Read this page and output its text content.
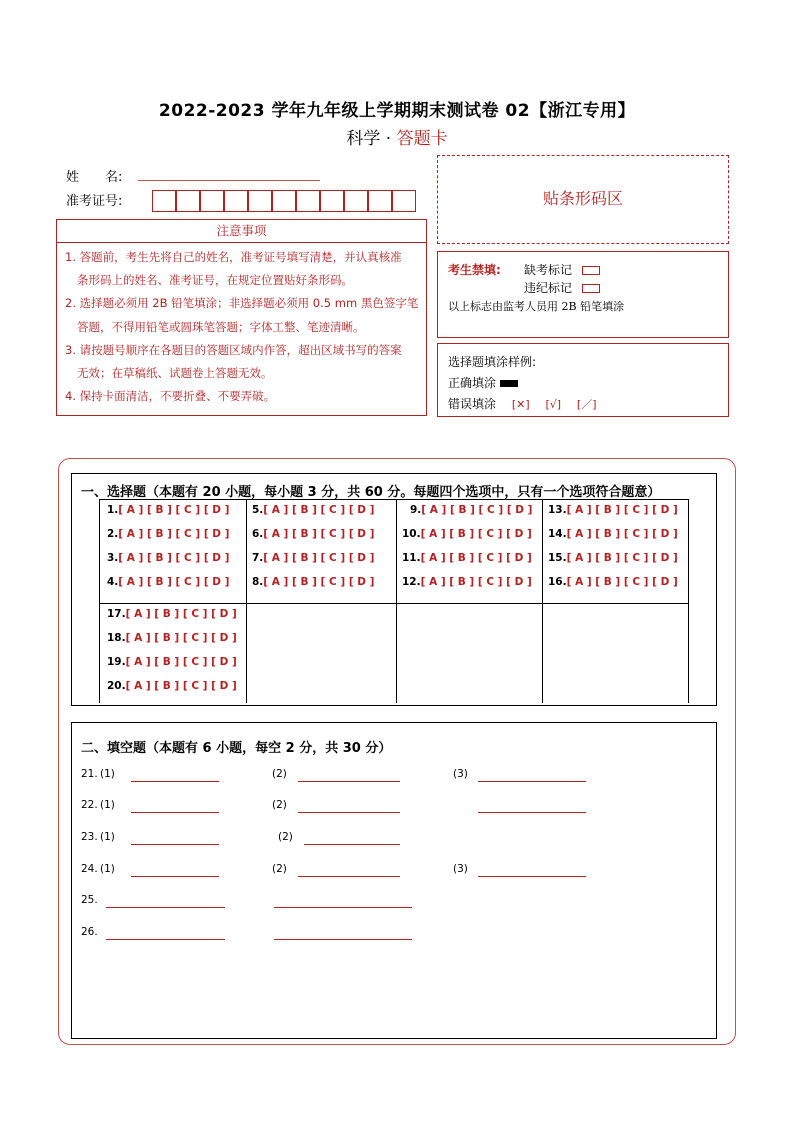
2022-2023 学年九年级上学期期末测试卷 02【浙江专用】
科学 · 答题卡
姓　　名:
准考证号:	贴条形码区
注意事项

1. 答题前，考生先将自己的姓名，准考证号填写清楚，并认真核准

条形码上的姓名、准考证号，在规定位置贴好条形码。

2. 选择题必须用 2B 铅笔填涂；非选择题必须用 0.5 mm 黑色签字笔

答题，不得用铅笔或圆珠笔答题；字体工整、笔迹清晰。

3. 请按题号顺序在各题目的答题区域内作答，超出区域书写的答案

无效；在草稿纸、试题卷上答题无效。

4. 保持卡面清洁，不要折叠、不要弄破。

考生禁填: 缺考标记
违纪标记
以上标志由监考人员用 2B 铅笔填涂
选择题填涂样例:
正确填涂
错误填涂 [✕] [√] [／]
一、选择题（本题有 20 小题，每小题 3 分，共 60 分。每题四个选项中，只有一个选项符合题意）
1.[ A ] [ B ] [ C ] [ D ]
2.[ A ] [ B ] [ C ] [ D ]
3.[ A ] [ B ] [ C ] [ D ]
4.[ A ] [ B ] [ C ] [ D ]
5.[ A ] [ B ] [ C ] [ D ]
6.[ A ] [ B ] [ C ] [ D ]
7.[ A ] [ B ] [ C ] [ D ]
8.[ A ] [ B ] [ C ] [ D ]
9.[ A ] [ B ] [ C ] [ D ]
10.[ A ] [ B ] [ C ] [ D ]
11.[ A ] [ B ] [ C ] [ D ]
12.[ A ] [ B ] [ C ] [ D ]
13.[ A ] [ B ] [ C ] [ D ]
14.[ A ] [ B ] [ C ] [ D ]
15.[ A ] [ B ] [ C ] [ D ]
16.[ A ] [ B ] [ C ] [ D ]
17.[ A ] [ B ] [ C ] [ D ]
18.[ A ] [ B ] [ C ] [ D ]
19.[ A ] [ B ] [ C ] [ D ]
20.[ A ] [ B ] [ C ] [ D ]
二、填空题（本题有 6 小题，每空 2 分，共 30 分）
21. (1)	(2)	(3)
22. (1)	(2)
23. (1)	(2)
24. (1)	(2)	(3)
25.
26.
